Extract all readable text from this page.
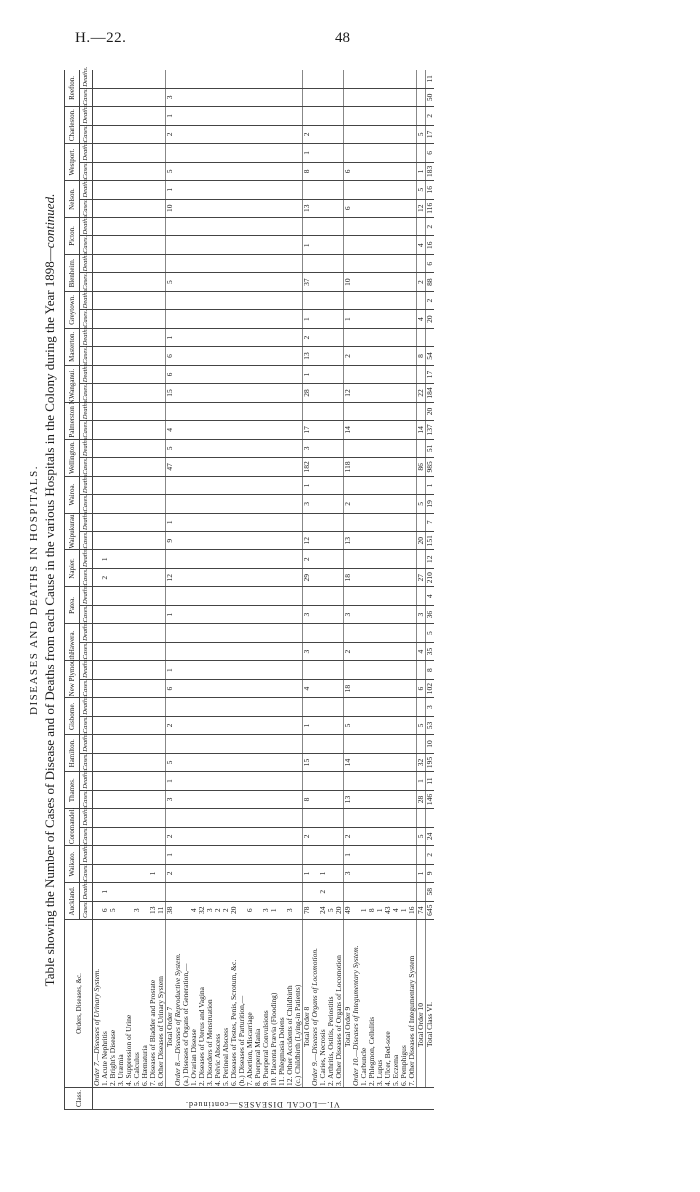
H.—22.	48
DISEASES AND DEATHS IN HOSPITALS. Table showing the Number of Cases of Disease and of Deaths from each Cause in the various Hospitals in the Colony during the Year 1898—continued.
Class.	Orders, Diseases, &c.	Auckland.		Waikato.		Coromandel.		Thames.		Hamilton.		Gisborne.		New Plymouth.		Hawera.		Patea.		Napier.		Waipukurau.		Wairoa.		Wellington.		Palmerston N.		Wanganui.		Masterton.		Greytown.		Blenheim.		Picton.		Nelson.		Westport.		Charleston.		Reefton.	
		Cases.	Deaths.	Cases.	Deaths.	Cases.	Deaths.	Cases.	Deaths.	Cases.	Deaths.	Cases.	Deaths.	Cases.	Deaths.	Cases.	Deaths.	Cases.	Deaths.	Cases.	Deaths.	Cases.	Deaths.	Cases.	Deaths.	Cases.	Deaths.	Cases.	Deaths.	Cases.	Deaths.	Cases.	Deaths.	Cases.	Deaths.	Cases.	Deaths.	Cases.	Deaths.	Cases.	Deaths.	Cases.	Deaths.	Cases.	Deaths.	Cases.	Deaths.
VI.—LOCAL DISEASES—continued.	Order 7.—Diseases of Urinary System.																																														
	1. Acute Nephritis	6	1																	2	1																										
	2. Bright's Disease	5																																													
	3. Uræmia																																														
	4. Suppression of Urine																																														
	5. Calculus	3																																													
	6. Hæmaturia																																														
	7. Diseases of Bladder and Prostate	13		1																																											
	8. Other Diseases of Urinary System	11																																													
	Total Order 7	38		2	1	2		3	1	5		2		6	1			1		12		9	1			47	5	4		15	6	6	1			5				10	1	5		2	1	3	
	Order 8.—Diseases of Reproductive System.																																														
	(a.) Diseases of Organs of Generation,—																																														
	1. Ovarian Disease	4																																													
	2. Diseases of Uterus and Vagina	32																																													
	3. Disorders of Menstruation	3																																													
	4. Pelvic Abscess	2																																													
	5. Perineal Abscess	2																																													
	6. Diseases of Testes, Penis, Scrotum, &c.	20																																													
	(b.) Diseases of Parturition,—																																														
	7. Abortion, Miscarriage	6																																													
	8. Puerperal Mania																																														
	9. Puerperal Convulsions	3																																													
	10. Placenta Prævia (Flooding)	1																																													
	11. Phlegmasia Dolens																																														
	12. Other Accidents of Childbirth	3																																													
	(c.) Childbirth (Lying-in Patients)																																														
	Total Order 8	78		1		2		8		15		1		4		3		3		29	2	12		3	1	182	3	17		28	1	13	2	1		37		1		13		8	1	2			
	Order 9.—Diseases of Organs of Locomotion.																																														
	1. Caries, Necrosis	24	2	1																																											
	2. Arthritis, Ostitis, Periostitis	5																																													
	3. Other Diseases of Organs of Locomotion	20																																													
	Total Order 9	49		3	1	2		13		14		5		18		2		3		18		13		2		118		14		12		2		1		10				6		6					
	Order 10.—Diseases of Integumentary System.																																														
	1. Carbuncle	1																																													
	2. Phlegmon, Cellulitis	8																																													
	3. Lupus	1																																													
	4. Ulcer, Bed-sore	43																																													
	5. Eczema	4																																													
	6. Pemphigus	1																																													
	7. Other Diseases of Integumentary System	16																																													
	Total Order 10	74		1		5		28	1	32		5		6		4		3		27		20		5		86		14		22		8		4		2		4		12	5	1		5			
	Total Class VI.	645	58	9	2	24		146	11	195	10	53	3	102	8	35	5	36	4	210	12	151	7	19	1	985	51	137	20	184	17	54		20	2	88	6	16	2	116	16	183	6	17	2	50	11
